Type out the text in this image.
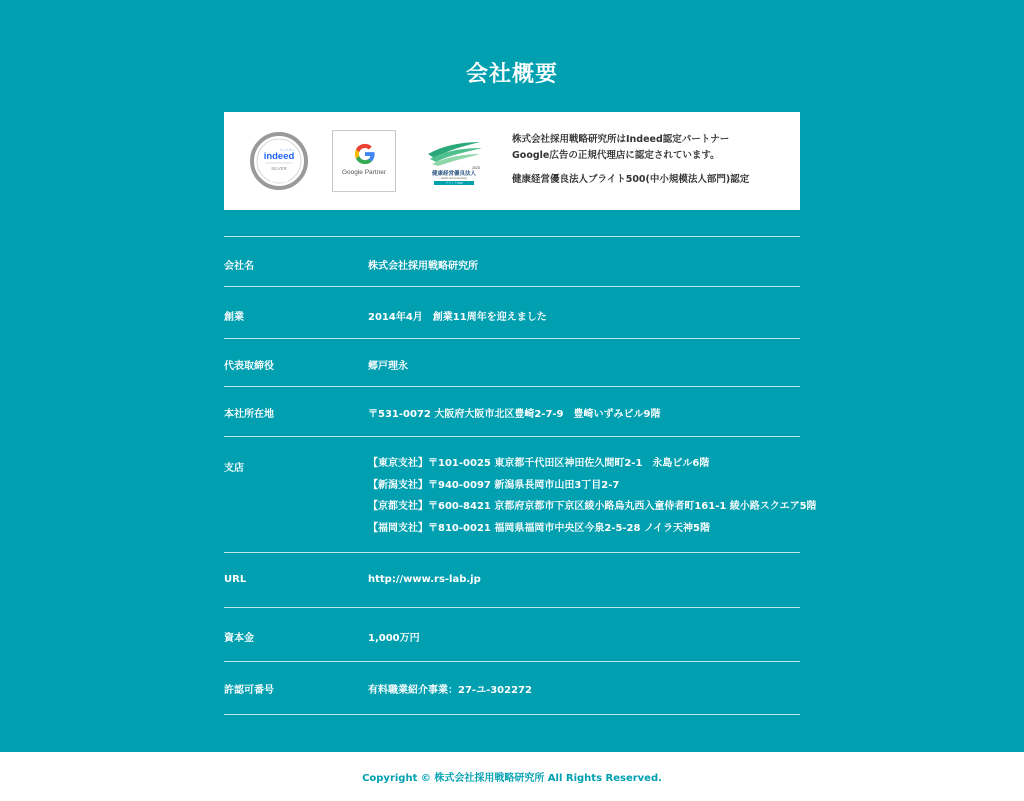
会社概要
indeed
パートナー
SILVER
PARTNER
Google Partner
2023
健康経営優良法人
Health and productivity
ブライト500
株式会社採用戦略研究所はIndeed認定パートナー
Google広告の正規代理店に認定されています。
健康経営優良法人ブライト500(中小規模法人部門)認定
会社名	株式会社採用戦略研究所
創業	2014年4月　創業11周年を迎えました
代表取締役	郷戸理永
本社所在地	〒531-0072 大阪府大阪市北区豊崎2-7-9　豊崎いずみビル9階
支店	【東京支社】〒101-0025 東京都千代田区神田佐久間町2-1　永島ビル6階
【新潟支社】〒940-0097 新潟県長岡市山田3丁目2-7
【京都支社】〒600-8421 京都府京都市下京区綾小路烏丸西入童侍者町161-1 綾小路スクエア5階
【福岡支社】〒810-0021 福岡県福岡市中央区今泉2-5-28 ノイラ天神5階
URL	http://www.rs-lab.jp
資本金	1,000万円
許認可番号	有料職業紹介事業：27-ユ-302272
Copyright © 株式会社採用戦略研究所 All Rights Reserved.
